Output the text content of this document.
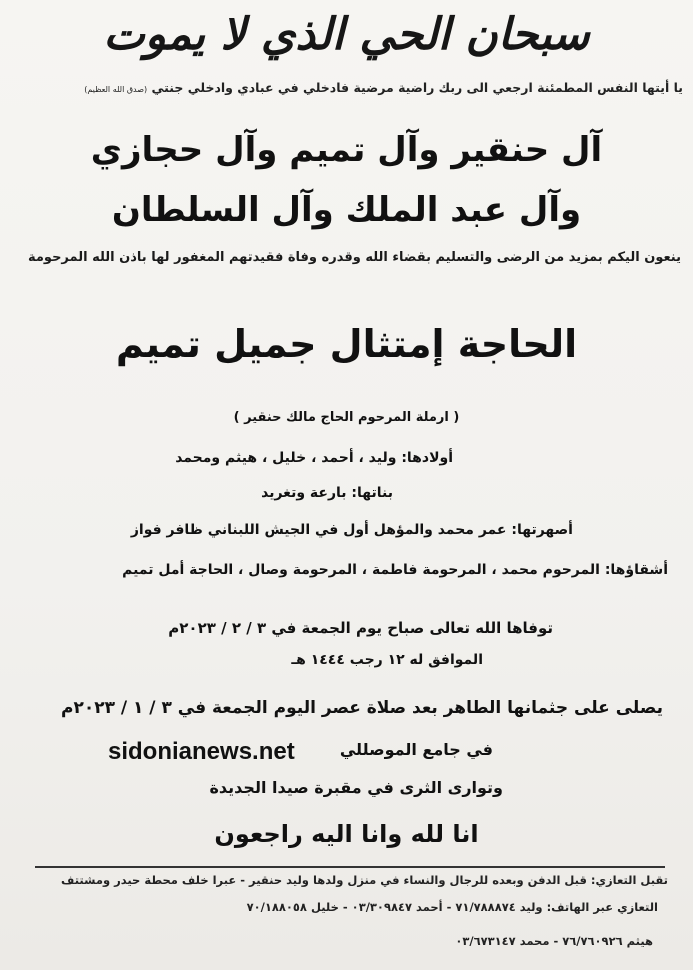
سبحان الحي الذي لا يموت
يا أيتها النفس المطمئنة ارجعي الى ربك راضية مرضية فادخلي في عبادي وادخلي جنتي (صدق الله العظيم)
آل حنقير وآل تميم وآل حجازي
وآل عبد الملك وآل السلطان
ينعون اليكم بمزيد من الرضى والتسليم بقضاء الله وقدره وفاة فقيدتهم المغفور لها باذن الله المرحومة
الحاجة إمتثال جميل تميم
( ارملة المرحوم الحاج مالك حنقير )
أولادها: وليد ، أحمد ، خليل ، هيثم ومحمد
بناتها: بارعة وتغريد
أصهرتها: عمر محمد والمؤهل أول في الجيش اللبناني ظافر فواز
أشقاؤها: المرحوم محمد ، المرحومة فاطمة ، المرحومة وصال ، الحاجة أمل تميم
توفاها الله تعالى صباح يوم الجمعة في ٣ / ٢ / ٢٠٢٣م
الموافق له ١٢ رجب ١٤٤٤ هـ
يصلى على جثمانها الطاهر بعد صلاة عصر اليوم الجمعة في ٣ / ١ / ٢٠٢٣م
في جامع الموصللي
sidonianews.net
وتوارى الثرى في مقبرة صيدا الجديدة
انا لله وانا اليه راجعون
تقبل التعازي: قبل الدفن وبعده للرجال والنساء في منزل ولدها وليد حنقير - عبرا خلف محطة حيدر ومشتتف
التعازي عبر الهاتف: وليد ٧١/٧٨٨٨٧٤ - أحمد ٠٣/٣٠٩٨٤٧ - خليل ٧٠/١٨٨٠٥٨
هيثم ٧٦/٧٦٠٩٢٦ - محمد ٠٣/٦٧٣١٤٧
